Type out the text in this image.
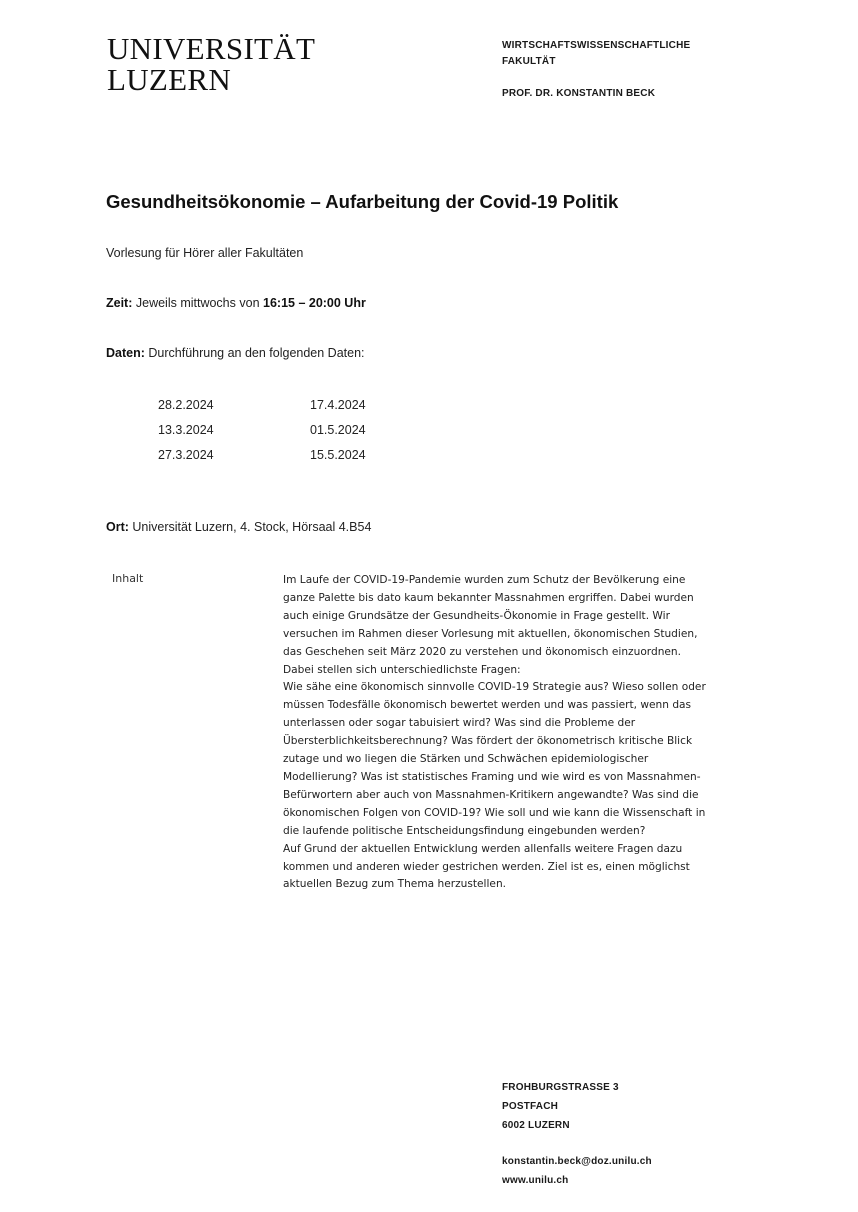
UNIVERSITÄT
LUZERN
WIRTSCHAFTSWISSENSCHAFTLICHE
FAKULTÄT
PROF. DR. KONSTANTIN BECK
Gesundheitsökonomie – Aufarbeitung der Covid-19 Politik
Vorlesung für Hörer aller Fakultäten
Zeit: Jeweils mittwochs von 16:15 – 20:00 Uhr
Daten: Durchführung an den folgenden Daten:
28.2.2024	17.4.2024
13.3.2024	01.5.2024
27.3.2024	15.5.2024
Ort: Universität Luzern, 4. Stock, Hörsaal 4.B54
Inhalt	Im Laufe der COVID-19-Pandemie wurden zum Schutz der Bevölkerung eine
ganze Palette bis dato kaum bekannter Massnahmen ergriffen. Dabei wurden
auch einige Grundsätze der Gesundheits-Ökonomie in Frage gestellt. Wir
versuchen im Rahmen dieser Vorlesung mit aktuellen, ökonomischen Studien,
das Geschehen seit März 2020 zu verstehen und ökonomisch einzuordnen.
Dabei stellen sich unterschiedlichste Fragen:
Wie sähe eine ökonomisch sinnvolle COVID-19 Strategie aus? Wieso sollen oder
müssen Todesfälle ökonomisch bewertet werden und was passiert, wenn das
unterlassen oder sogar tabuisiert wird? Was sind die Probleme der
Übersterblichkeitsberechnung? Was fördert der ökonometrisch kritische Blick
zutage und wo liegen die Stärken und Schwächen epidemiologischer
Modellierung? Was ist statistisches Framing und wie wird es von Massnahmen-
Befürwortern aber auch von Massnahmen-Kritikern angewandte? Was sind die
ökonomischen Folgen von COVID-19? Wie soll und wie kann die Wissenschaft in
die laufende politische Entscheidungsfindung eingebunden werden?
Auf Grund der aktuellen Entwicklung werden allenfalls weitere Fragen dazu
kommen und anderen wieder gestrichen werden. Ziel ist es, einen möglichst
aktuellen Bezug zum Thema herzustellen.
FROHBURGSTRASSE 3
POSTFACH
6002 LUZERN
konstantin.beck@doz.unilu.ch
www.unilu.ch
